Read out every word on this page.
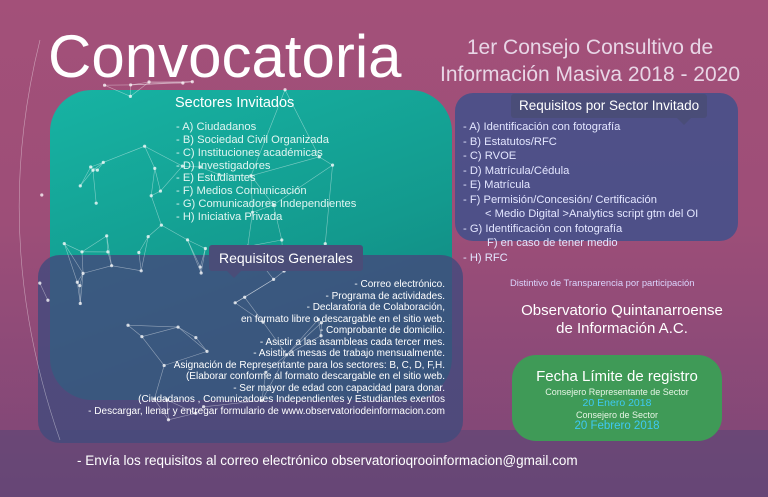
Convocatoria	1er Consejo Consultivo de
Información Masiva 2018 - 2020
Sectores Invitados
- A) Ciudadanos
- B) Sociedad Civil Organizada
- C) Instituciones académicas
- D) Investigadores
- E) Estudiantes
- F) Medios Comunicación
- G) Comunicadores Independientes
- H) Iniciativa Privada
Requisitos por Sector Invitado
- A) Identificación con fotografía
- B) Estatutos/RFC
- C) RVOE
- D) Matrícula/Cédula
- E) Matrícula
- F) Permisión/Concesión/ Certificación
< Medio Digital >Analytics script gtm del OI
- G) Identificación con fotografía
F) en caso de tener medio
- H) RFC
Requisitos Generales
- Correo electrónico.
- Programa de actividades.
- Declaratoria de Colaboración,
en formato libre o descargable en el sitio web.
- Comprobante de domicilio.
- Asistir a las asambleas cada tercer mes.
- Asistir a mesas de trabajo mensualmente.
Asignación de Representante para los sectores: B, C, D, F,H.
(Elaborar conforme al formato descargable en el sitio web.
- Ser mayor de edad con capacidad para donar.
(Ciudadanos , Comunicadores Independientes y Estudiantes exentos
- Descargar, llenar y entregar formulario de www.observatoriodeinformacion.com
Distintivo de Transparencia por participación
Observatorio Quintanarroense
de Información A.C.
Fecha Límite de registro
Consejero Representante de Sector
20 Enero 2018
Consejero de Sector
20 Febrero 2018
- Envía los requisitos al correo electrónico observatorioqrooinformacion@gmail.com
